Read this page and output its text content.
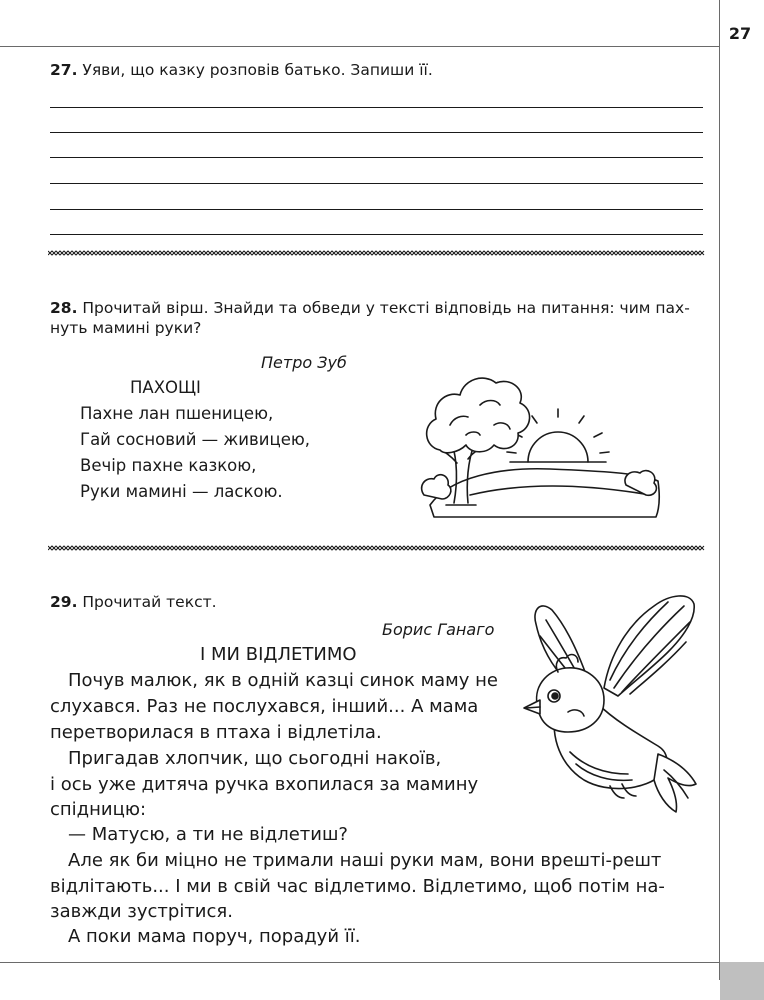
27
27. Уяви, що казку розповів батько. Запиши її.
28. Прочитай вірш. Знайди та обведи у тексті відповідь на питання: чим пах-
нуть мамині руки?
Петро Зуб
ПАХОЩІ
Пахне лан пшеницею,
Гай сосновий — живицею,
Вечір пахне казкою,
Руки мамині — ласкою.
29. Прочитай текст.
Борис Ганаго
І МИ ВІДЛЕТИМО
Почув малюк, як в одній казці синок маму не
слухався. Раз не послухався, інший... А мама
перетворилася в птаха і відлетіла.
Пригадав хлопчик, що сьогодні накоїв,
і ось уже дитяча ручка вхопилася за мамину
спідницю:
— Матусю, а ти не відлетиш?
Але як би міцно не тримали наші руки мам, вони врешті-решт
відлітають... І ми в свій час відлетимо. Відлетимо, щоб потім на-
завжди зустрітися.
А поки мама поруч, порадуй її.
